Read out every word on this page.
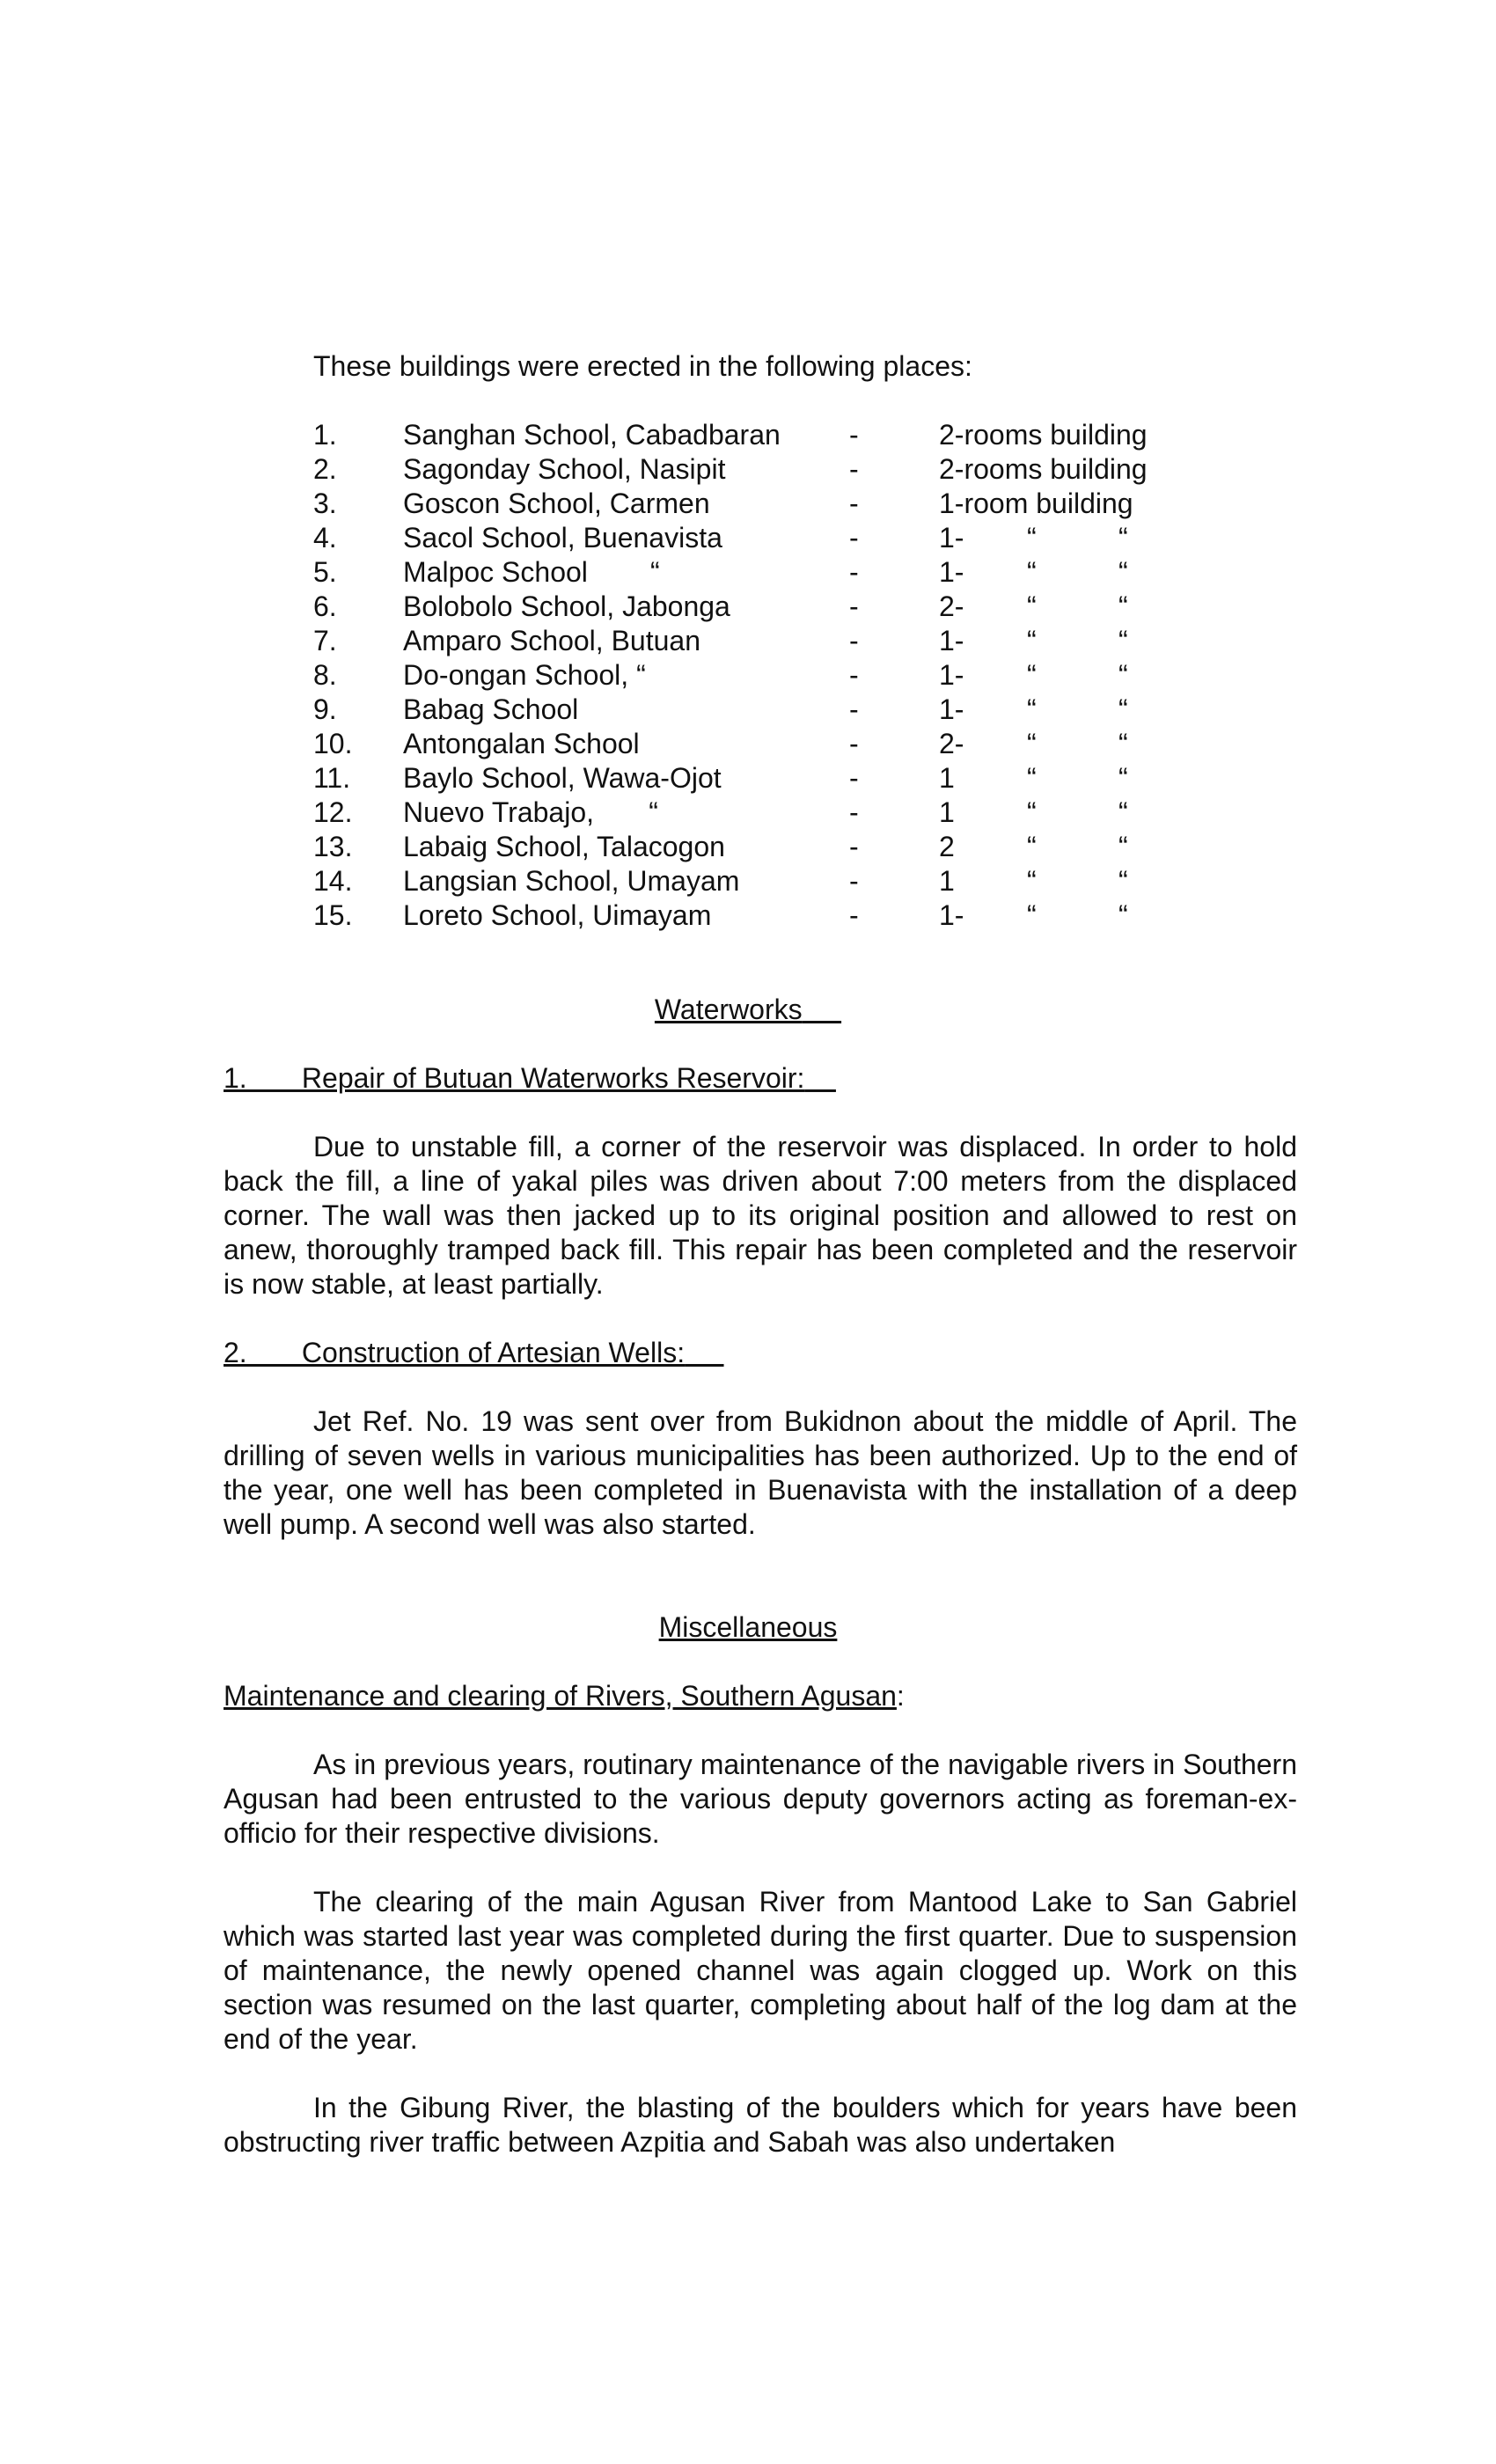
These buildings were erected in the following places:
1. Sanghan School, Cabadbaran -	2-rooms building
2. Sagonday School, Nasipit	-	2-rooms building
3. Goscon School, Carmen	-	1-room building
4. Sacol School, Buenavista	-	1- “	“
5. Malpoc School        “	-	1- “	“
6. Bolobolo School, Jabonga	-	2- “	“
7. Amparo School, Butuan	-	1- “	“
8. Do-ongan School, “	-	1- “	“
9. Babag School	-	1- “	“
10. Antongalan School	-	2- “	“
11. Baylo School, Wawa-Ojot	-	1	“	“
12. Nuevo Trabajo,       “	-	1	“	“
13. Labaig School, Talacogon	-	2	“	“
14. Langsian School, Umayam	-	1	“	“
15. Loreto School, Uimayam	-	1- “	“
Waterworks
1.       Repair of Butuan Waterworks Reservoir:
Due to unstable fill, a corner of the reservoir was displaced. In order to hold back the fill, a line of yakal piles was driven about 7:00 meters from the displaced corner. The wall was then jacked up to its original position and allowed to rest on anew, thoroughly tramped back fill. This repair has been completed and the reservoir is now stable, at least partially.
2.       Construction of Artesian Wells:
Jet Ref. No. 19 was sent over from Bukidnon about the middle of April. The drilling of seven wells in various municipalities has been authorized. Up to the end of the year, one well has been completed in Buenavista with the installation of a deep well pump. A second well was also started.
Miscellaneous
Maintenance and clearing of Rivers, Southern Agusan:
As in previous years, routinary maintenance of the navigable rivers in Southern Agusan had been entrusted to the various deputy governors acting as foreman-ex-officio for their respective divisions.
The clearing of the main Agusan River from Mantood Lake to San Gabriel which was started last year was completed during the first quarter. Due to suspension of maintenance, the newly opened channel was again clogged up. Work on this section was resumed on the last quarter, completing about half of the log dam at the end of the year.
In the Gibung River, the blasting of the boulders which for years have been obstructing river traffic between Azpitia and Sabah was also undertaken
